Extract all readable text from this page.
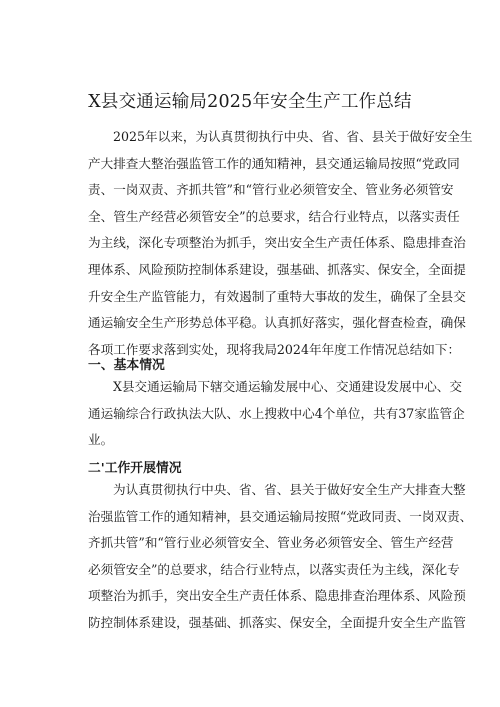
X县交通运输局2025年安全生产工作总结
2025年以来，为认真贯彻执行中央、省、省、县关于做好安全生
产大排查大整治强监管工作的通知精神，县交通运输局按照“党政同
责、一岗双责、齐抓共管”和“管行业必须管安全、管业务必须管安
全、管生产经营必须管安全”的总要求，结合行业特点，以落实责任
为主线，深化专项整治为抓手，突出安全生产责任体系、隐患排查治
理体系、风险预防控制体系建设，强基础、抓落实、保安全，全面提
升安全生产监管能力，有效遏制了重特大事故的发生，确保了全县交
通运输安全生产形势总体平稳。认真抓好落实，强化督查检查，确保
各项工作要求落到实处，现将我局2024年年度工作情况总结如下：
一、基本情况
X县交通运输局下辖交通运输发展中心、交通建设发展中心、交
通运输综合行政执法大队、水上搜救中心4个单位，共有37家监管企
业。
二'工作开展情况
为认真贯彻执行中央、省、省、县关于做好安全生产大排查大整
治强监管工作的通知精神，县交通运输局按照“党政同责、一岗双责、
齐抓共管”和“管行业必须管安全、管业务必须管安全、管生产经营
必须管安全”的总要求，结合行业特点，以落实责任为主线，深化专
项整治为抓手，突出安全生产责任体系、隐患排查治理体系、风险预
防控制体系建设，强基础、抓落实、保安全，全面提升安全生产监管
